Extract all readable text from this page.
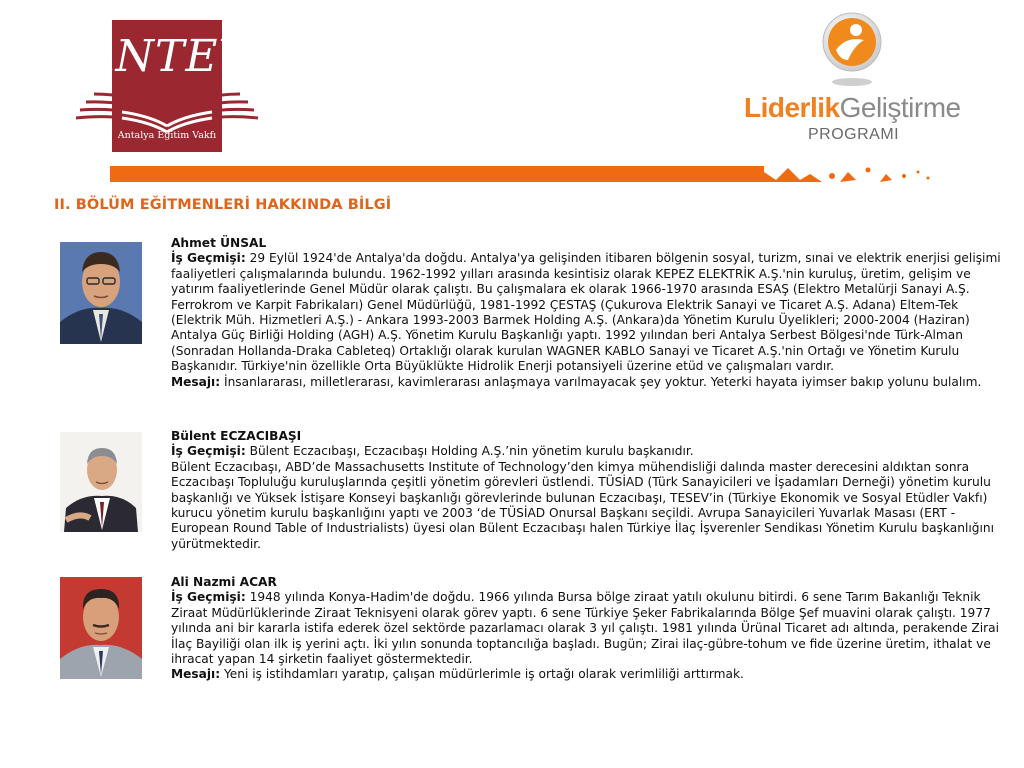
ANTEV
Antalya Eğitim Vakfı
LiderlikGeliştirme
PROGRAMI
II. BÖLÜM EĞİTMENLERİ HAKKINDA BİLGİ

Ahmet ÜNSAL

İş Geçmişi: 29 Eylül 1924'de Antalya'da doğdu. Antalya'ya gelişinden itibaren bölgenin sosyal, turizm, sınai ve elektrik enerjisi gelişimi faaliyetleri çalışmalarında bulundu. 1962-1992 yılları arasında kesintisiz olarak KEPEZ ELEKTRİK A.Ş.'nin kuruluş, üretim, gelişim ve yatırım faaliyetlerinde Genel Müdür olarak çalıştı. Bu çalışmalara ek olarak 1966-1970 arasında ESAŞ (Elektro Metalürji Sanayi A.Ş. Ferrokrom ve Karpit Fabrikaları) Genel Müdürlüğü, 1981-1992 ÇESTAŞ (Çukurova Elektrik Sanayi ve Ticaret A.Ş. Adana) Eltem-Tek (Elektrik Müh. Hizmetleri A.Ş.) - Ankara 1993-2003 Barmek Holding A.Ş. (Ankara)da Yönetim Kurulu Üyelikleri; 2000-2004 (Haziran) Antalya Güç Birliği Holding (AGH) A.Ş. Yönetim Kurulu Başkanlığı yaptı. 1992 yılından beri Antalya Serbest Bölgesi'nde Türk-Alman (Sonradan Hollanda-Draka Cableteq) Ortaklığı olarak kurulan WAGNER KABLO Sanayi ve Ticaret A.Ş.'nin Ortağı ve Yönetim Kurulu Başkanıdır. Türkiye'nin özellikle Orta Büyüklükte Hidrolik Enerji potansiyeli üzerine etüd ve çalışmaları vardır.

Mesajı: İnsanlararası, milletlerarası, kavimlerarası anlaşmaya varılmayacak şey yoktur. Yeterki hayata iyimser bakıp yolunu bulalım.

Bülent ECZACIBAŞI

İş Geçmişi: Bülent Eczacıbaşı, Eczacıbaşı Holding A.Ş.’nin yönetim kurulu başkanıdır.

Bülent Eczacıbaşı, ABD’de Massachusetts Institute of Technology’den kimya mühendisliği dalında master derecesini aldıktan sonra Eczacıbaşı Topluluğu kuruluşlarında çeşitli yönetim görevleri üstlendi. TÜSİAD (Türk Sanayicileri ve İşadamları Derneği) yönetim kurulu başkanlığı ve Yüksek İstişare Konseyi başkanlığı görevlerinde bulunan Eczacıbaşı, TESEV’in (Türkiye Ekonomik ve Sosyal Etüdler Vakfı) kurucu yönetim kurulu başkanlığını yaptı ve 2003 ‘de TÜSİAD Onursal Başkanı seçildi. Avrupa Sanayicileri Yuvarlak Masası (ERT - European Round Table of Industrialists) üyesi olan Bülent Eczacıbaşı halen Türkiye İlaç İşverenler Sendikası Yönetim Kurulu başkanlığını yürütmektedir.

Ali Nazmi ACAR

İş Geçmişi: 1948 yılında Konya-Hadim'de doğdu. 1966 yılında Bursa bölge ziraat yatılı okulunu bitirdi. 6 sene Tarım Bakanlığı Teknik Ziraat Müdürlüklerinde Ziraat Teknisyeni olarak görev yaptı. 6 sene Türkiye Şeker Fabrikalarında Bölge Şef muavini olarak çalıştı. 1977 yılında ani bir kararla istifa ederek özel sektörde pazarlamacı olarak 3 yıl çalıştı. 1981 yılında Ürünal Ticaret adı altında, perakende Zirai İlaç Bayiliği olan ilk iş yerini açtı. İki yılın sonunda toptancılığa başladı. Bugün; Zirai ilaç-gübre-tohum ve fide üzerine üretim, ithalat ve ihracat yapan 14 şirketin faaliyet göstermektedir.

Mesajı: Yeni iş istihdamları yaratıp, çalışan müdürlerimle iş ortağı olarak verimliliği arttırmak.
